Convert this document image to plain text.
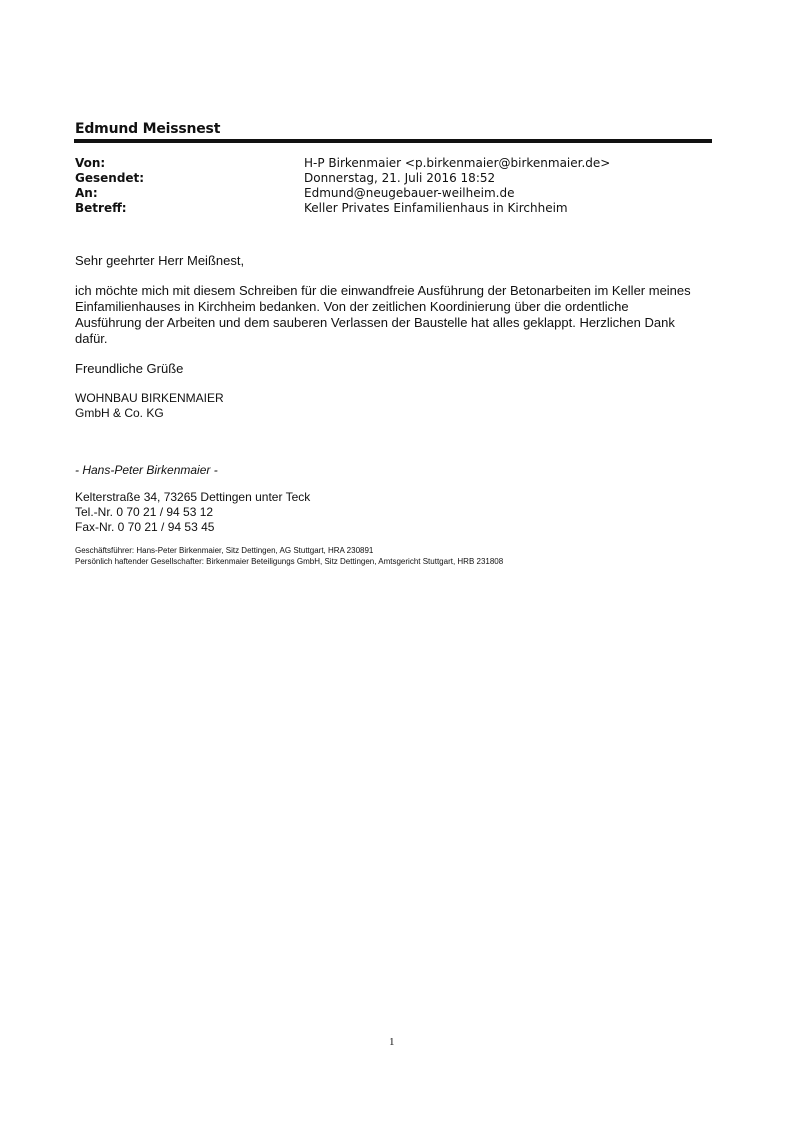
Edmund Meissnest
Von:	H-P Birkenmaier <p.birkenmaier@birkenmaier.de>
Gesendet:	Donnerstag, 21. Juli 2016 18:52
An:	Edmund@neugebauer-weilheim.de
Betreff:	Keller Privates Einfamilienhaus in Kirchheim
Sehr geehrter Herr Meißnest,
ich möchte mich mit diesem Schreiben für die einwandfreie Ausführung der Betonarbeiten im Keller meines
Einfamilienhauses in Kirchheim bedanken. Von der zeitlichen Koordinierung über die ordentliche
Ausführung der Arbeiten und dem sauberen Verlassen der Baustelle hat alles geklappt. Herzlichen Dank
dafür.
Freundliche Grüße
WOHNBAU BIRKENMAIER
GmbH & Co. KG
- Hans-Peter Birkenmaier -
Kelterstraße 34, 73265 Dettingen unter Teck
Tel.-Nr. 0 70 21 / 94 53 12
Fax-Nr. 0 70 21 / 94 53 45
Geschäftsführer: Hans-Peter Birkenmaier, Sitz Dettingen, AG Stuttgart, HRA 230891
Persönlich haftender Gesellschafter: Birkenmaier Beteiligungs GmbH, Sitz Dettingen, Amtsgericht Stuttgart, HRB 231808
1
